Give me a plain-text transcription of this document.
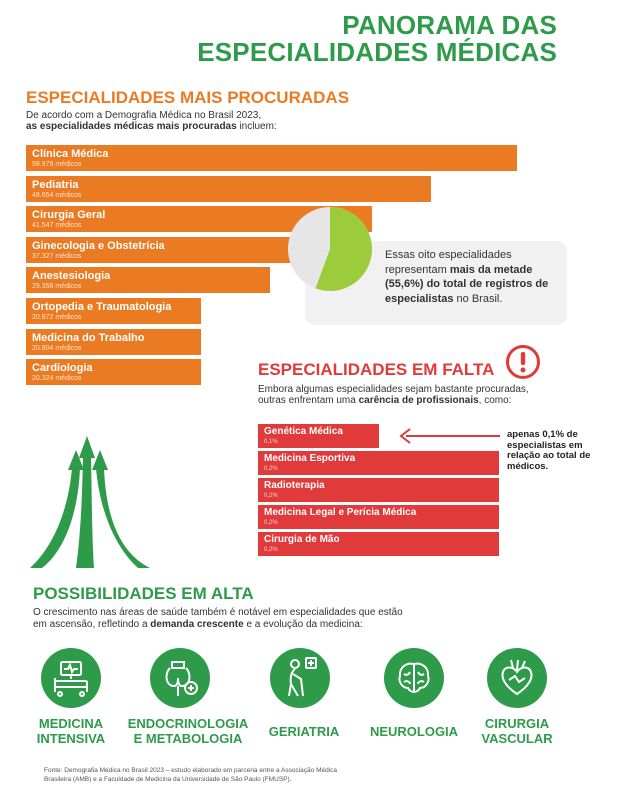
PANORAMA DAS
ESPECIALIDADES MÉDICAS
ESPECIALIDADES MAIS PROCURADAS
De acordo com a Demografia Médica no Brasil 2023,
as especialidades médicas mais procuradas incluem:
Clínica Médica
58.979 médicos
Pediatria
48.654 médicos
Cirurgia Geral
41.547 médicos
Ginecologia e Obstetrícia
37.327 médicos
Anestesiologia
29.358 médicos
Ortopedia e Traumatologia
20.872 médicos
Medicina do Trabalho
20.804 médicos
Cardiologia
20.324 médicos
Essas oito especialidades representam mais da metade (55,6%) do total de registros de especialistas no Brasil.
ESPECIALIDADES EM FALTA
Embora algumas especialidades sejam bastante procuradas,
outras enfrentam uma carência de profissionais, como:
Genética Médica
0,1%
Medicina Esportiva
0,2%
Radioterapia
0,2%
Medicina Legal e Perícia Médica
0,2%
Cirurgia de Mão
0,2%
apenas 0,1% de especialistas em relação ao total de médicos.
POSSIBILIDADES EM ALTA
O crescimento nas áreas de saúde também é notável em especialidades que estão
em ascensão, refletindo a demanda crescente e a evolução da medicina:
MEDICINA
INTENSIVA
ENDOCRINOLOGIA
E METABOLOGIA	GERIATRIA	NEUROLOGIA
CIRURGIA
VASCULAR
Fonte: Demografia Médica no Brasil 2023 – estudo elaborado em parceria entre a Associação Médica
Brasileira (AMB) e a Faculdade de Medicina da Universidade de São Paulo (FMUSP).
